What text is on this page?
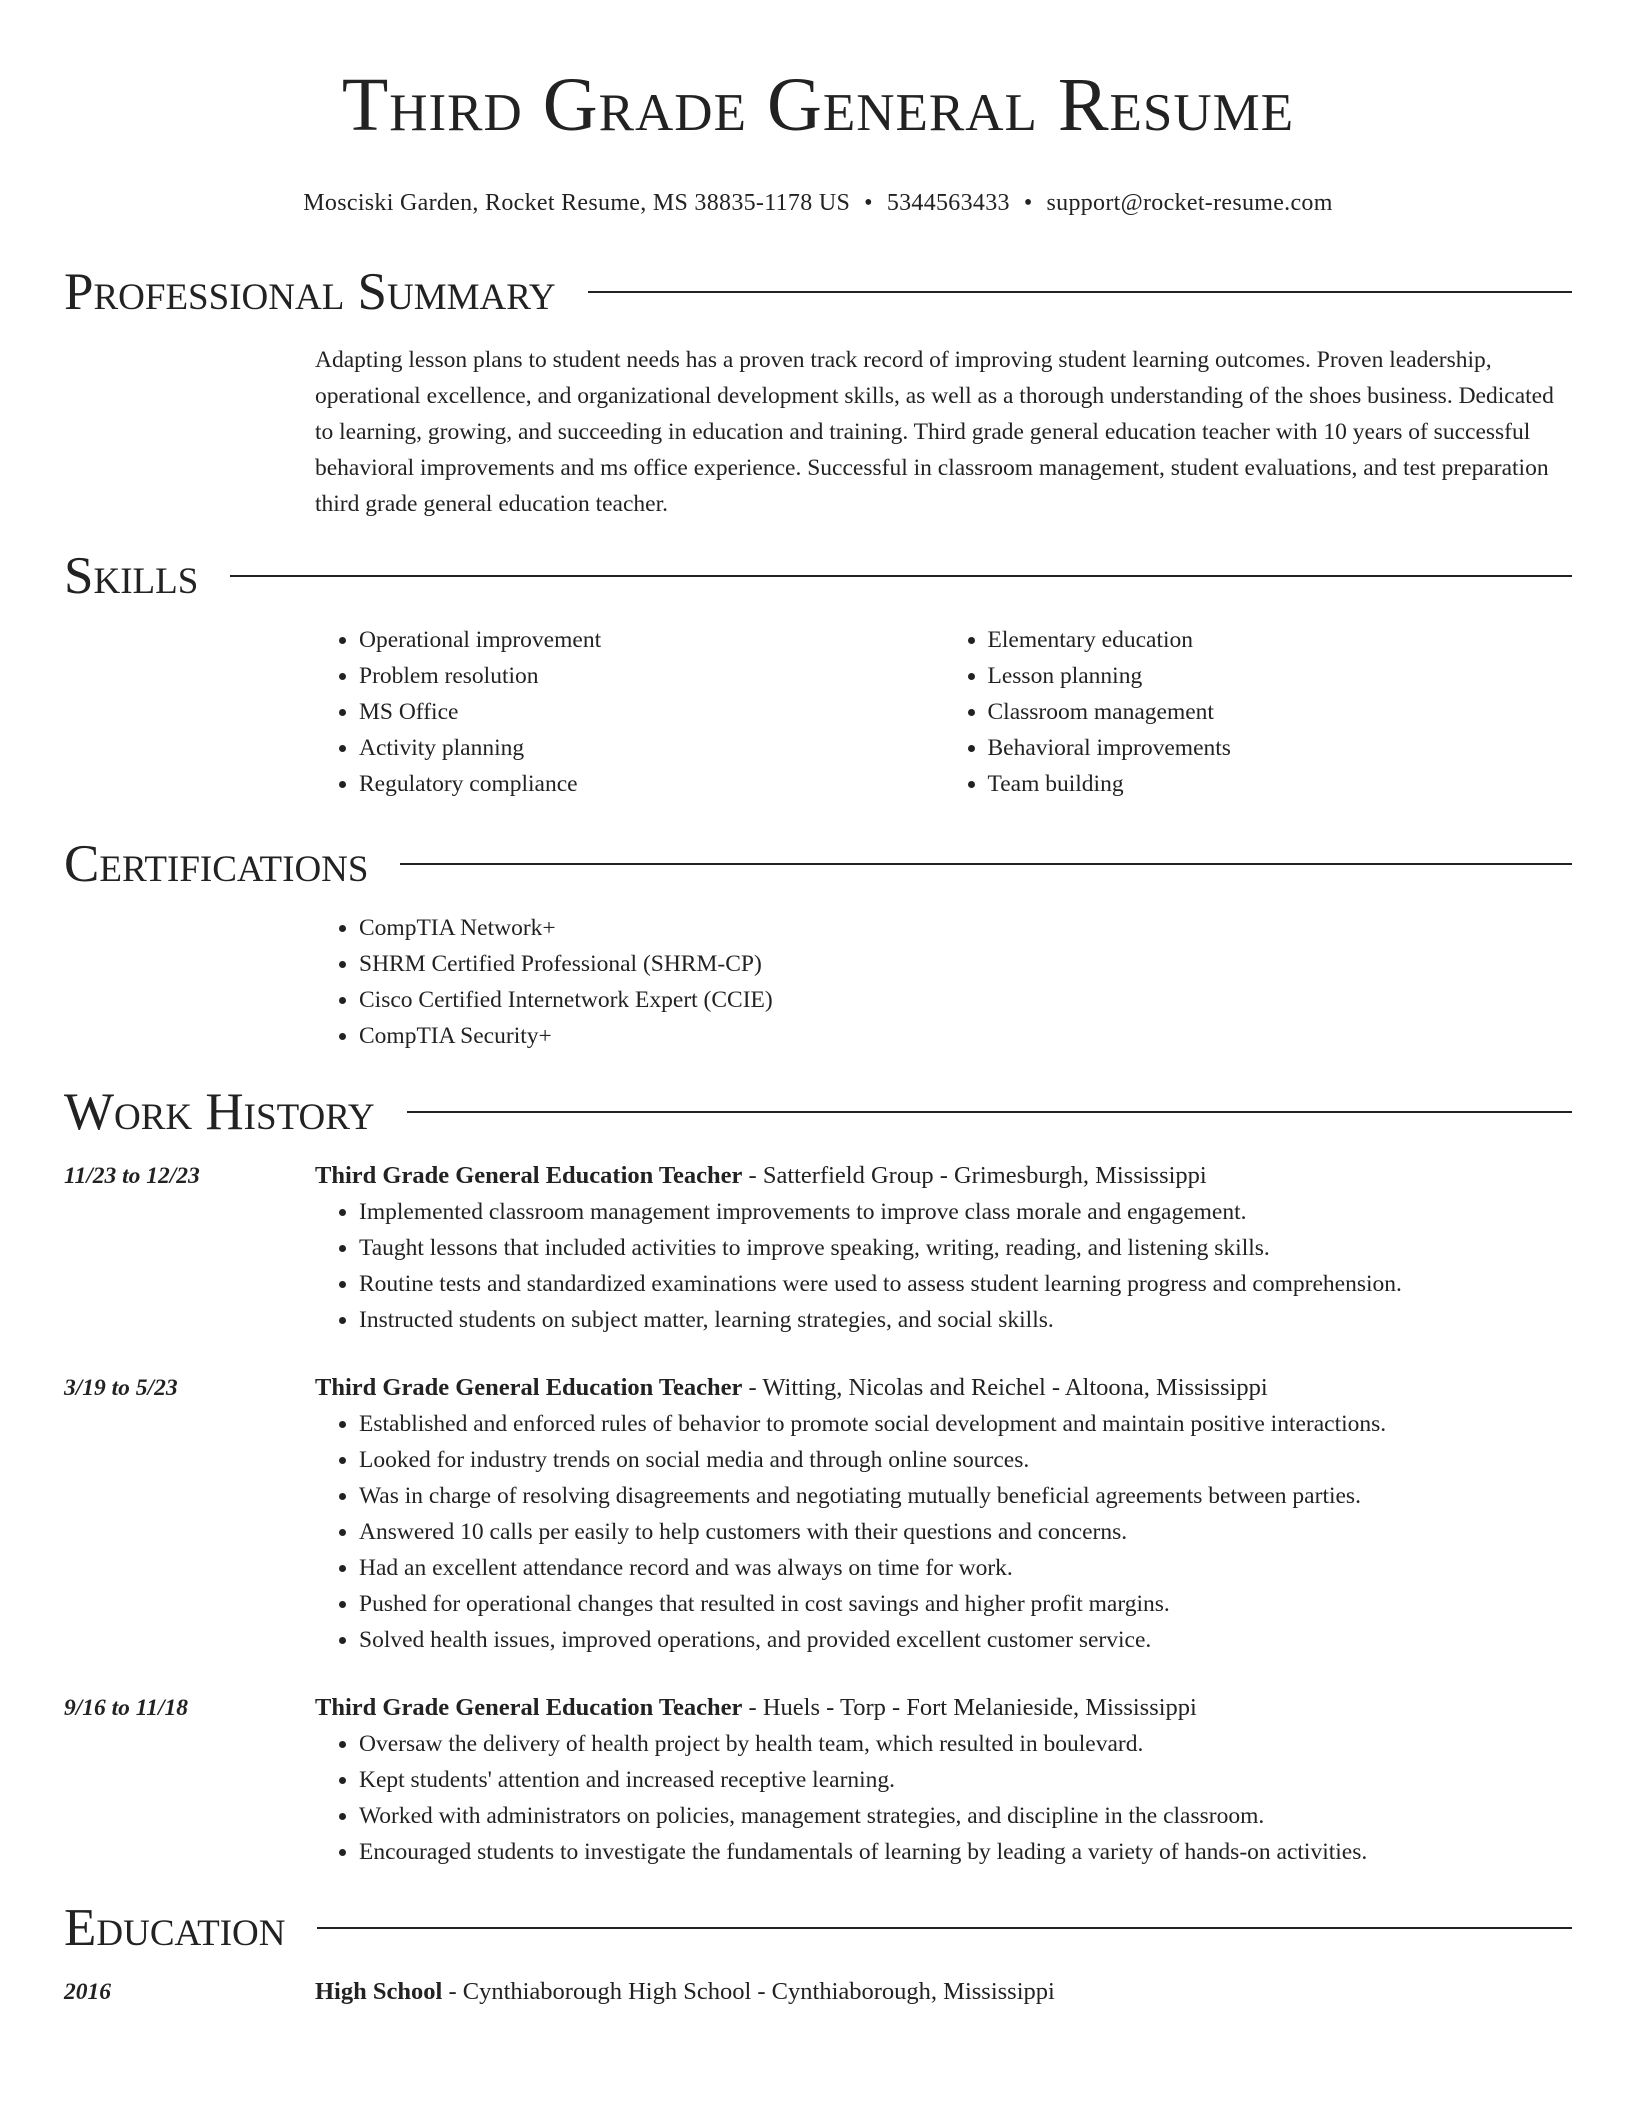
Third Grade General Resume
Mosciski Garden, Rocket Resume, MS 38835-1178 US • 5344563433 • support@rocket-resume.com
Professional Summary

Adapting lesson plans to student needs has a proven track record of improving student learning outcomes. Proven leadership, operational excellence, and organizational development skills, as well as a thorough understanding of the shoes business. Dedicated to learning, growing, and succeeding in education and training. Third grade general education teacher with 10 years of successful behavioral improvements and ms office experience. Successful in classroom management, student evaluations, and test preparation third grade general education teacher.

Skills
• Operational improvement
• Problem resolution
• MS Office
• Activity planning
• Regulatory compliance
• Elementary education
• Lesson planning
• Classroom management
• Behavioral improvements
• Team building
Certifications
• CompTIA Network+
• SHRM Certified Professional (SHRM-CP)
• Cisco Certified Internetwork Expert (CCIE)
• CompTIA Security+
Work History
11/23 to 12/23	Third Grade General Education Teacher - Satterfield Group - Grimesburgh, Mississippi
• Implemented classroom management improvements to improve class morale and engagement.
• Taught lessons that included activities to improve speaking, writing, reading, and listening skills.
• Routine tests and standardized examinations were used to assess student learning progress and comprehension.
• Instructed students on subject matter, learning strategies, and social skills.
3/19 to 5/23	Third Grade General Education Teacher - Witting, Nicolas and Reichel - Altoona, Mississippi
• Established and enforced rules of behavior to promote social development and maintain positive interactions.
• Looked for industry trends on social media and through online sources.
• Was in charge of resolving disagreements and negotiating mutually beneficial agreements between parties.
• Answered 10 calls per easily to help customers with their questions and concerns.
• Had an excellent attendance record and was always on time for work.
• Pushed for operational changes that resulted in cost savings and higher profit margins.
• Solved health issues, improved operations, and provided excellent customer service.
9/16 to 11/18	Third Grade General Education Teacher - Huels - Torp - Fort Melanieside, Mississippi
• Oversaw the delivery of health project by health team, which resulted in boulevard.
• Kept students' attention and increased receptive learning.
• Worked with administrators on policies, management strategies, and discipline in the classroom.
• Encouraged students to investigate the fundamentals of learning by leading a variety of hands-on activities.
Education
2016	High School - Cynthiaborough High School - Cynthiaborough, Mississippi
